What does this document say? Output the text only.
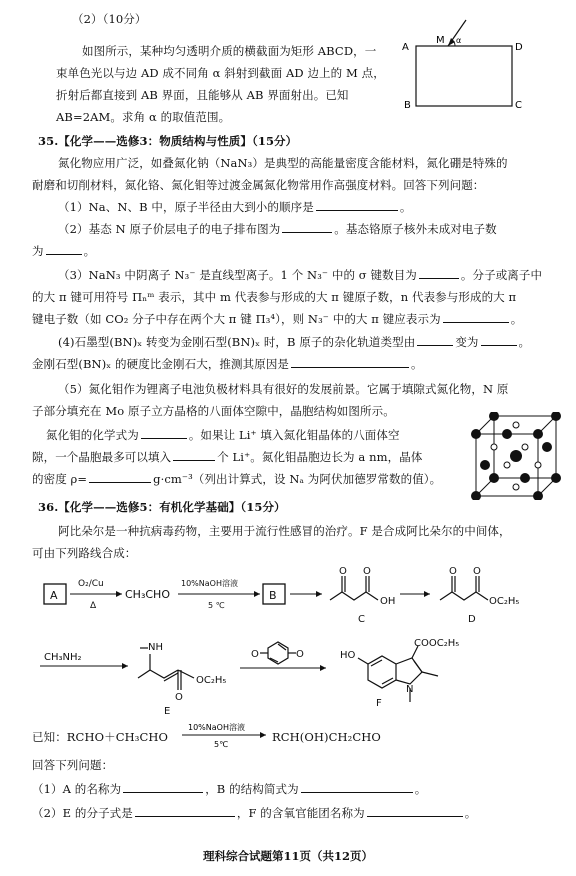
（2）（10分）
如图所示，某种均匀透明介质的横截面为矩形 ABCD，一
束单色光以与边 AD 成不同角 α 斜射到截面 AD 边上的 M 点，
折射后都直接到 AB 界面，且能够从 AB 界面射出。已知
AB=2AM。求角 α 的取值范围。
A
M α
D
B	C
35.【化学——选修3：物质结构与性质】（15分）
氮化物应用广泛，如叠氮化钠（NaN₃）是典型的高能量密度含能材料，氮化硼是特殊的
耐磨和切削材料，氮化铬、氮化钼等过渡金属氮化物常用作高强度材料。回答下列问题：
（1）Na、N、B 中，原子半径由大到小的顺序是	。
（2）基态 N 原子价层电子的电子排布图为	。基态铬原子核外未成对电子数
为	。
（3）NaN₃ 中阴离子 N₃⁻ 是直线型离子。1 个 N₃⁻ 中的 σ 键数目为	。分子或离子中
的大 π 键可用符号 Πₙᵐ 表示，其中 m 代表参与形成的大 π 键原子数，n 代表参与形成的大 π
键电子数（如 CO₂ 分子中存在两个大 π 键 Π₃⁴），则 N₃⁻ 中的大 π 键应表示为	。
(4)石墨型(BN)ₓ 转变为金刚石型(BN)ₓ 时，B 原子的杂化轨道类型由	变为	。
金刚石型(BN)ₓ 的硬度比金刚石大，推测其原因是	。
（5）氮化钼作为锂离子电池负极材料具有很好的发展前景。它属于填隙式氮化物，N 原
子部分填充在 Mo 原子立方晶格的八面体空隙中，晶胞结构如图所示。
氮化钼的化学式为	。如果让 Li⁺ 填入氮化钼晶体的八面体空
隙，一个晶胞最多可以填入	个 Li⁺。氮化钼晶胞边长为 a nm，晶体
的密度 ρ=	g·cm⁻³（列出计算式，设 Nₐ 为阿伏加德罗常数的值）。
36.【化学——选修5：有机化学基础】（15分）
阿比朵尔是一种抗病毒药物，主要用于流行性感冒的治疗。F 是合成阿比朵尔的中间体，
可由下列路线合成：
A
O₂/Cu
Δ
CH₃CHO
10%NaOH溶液
5 ℃
B
O O
OH
C
O O
OC₂H₅
D
CH₃NH₂
NH
O
OC₂H₅
E
O	O	HO
COOC₂H₅
N
F
已知：RCHO＋CH₃CHO
10%NaOH溶液
5℃
RCH(OH)CH₂CHO
回答下列问题：
（1）A 的名称为	，B 的结构简式为	。
（2）E 的分子式是	，F 的含氧官能团名称为	。
理科综合试题第11页（共12页）
